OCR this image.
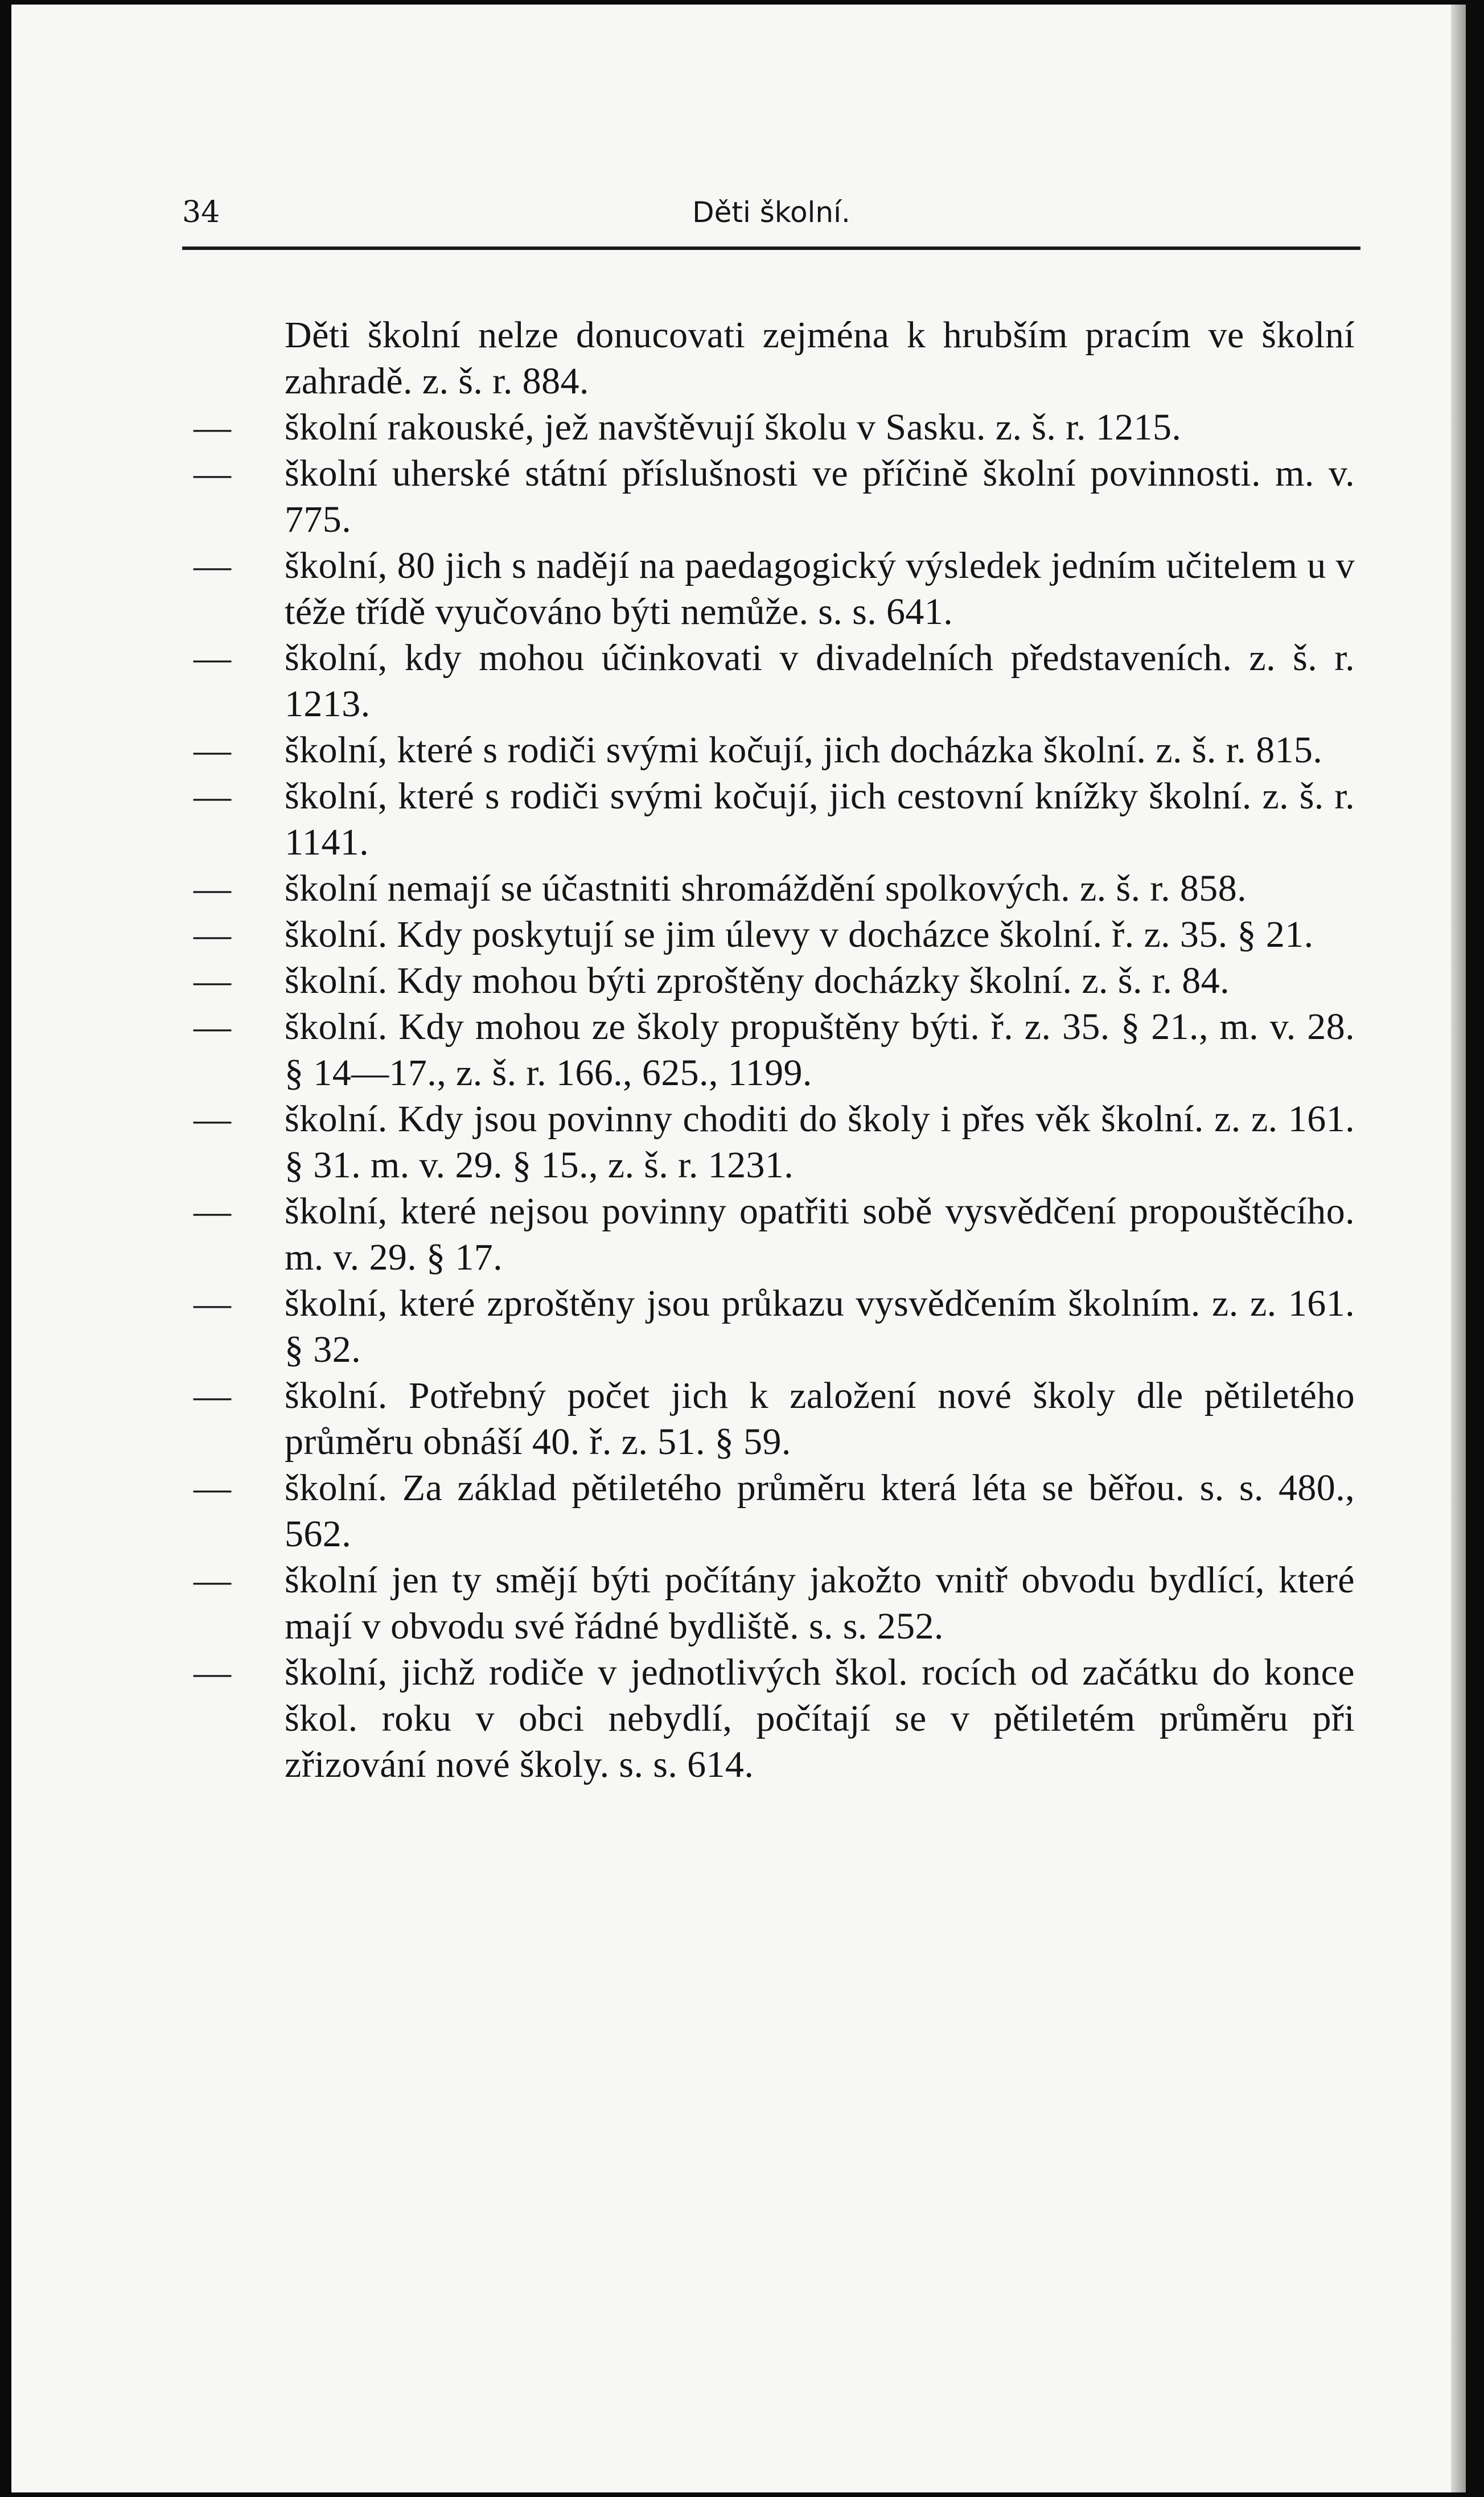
34	Děti školní.
Děti školní nelze donucovati zejména k hrubším pracím ve školní zahradě. z. š. r. 884.
— školní rakouské, jež navštěvují školu v Sasku. z. š. r. 1215.
— školní uherské státní příslušnosti ve příčině školní povinnosti. m. v. 775.
— školní, 80 jich s nadějí na paedagogický výsledek jedním učitelem u v téže třídě vyučováno býti nemůže. s. s. 641.
— školní, kdy mohou účinkovati v divadelních představeních. z. š. r. 1213.
— školní, které s rodiči svými kočují, jich docházka školní. z. š. r. 815.
— školní, které s rodiči svými kočují, jich cestovní knížky školní. z. š. r. 1141.
— školní nemají se účastniti shromáždění spolkových. z. š. r. 858.
— školní. Kdy poskytují se jim úlevy v docházce školní. ř. z. 35. § 21.
— školní. Kdy mohou býti zproštěny docházky školní. z. š. r. 84.
— školní. Kdy mohou ze školy propuštěny býti. ř. z. 35. § 21., m. v. 28. § 14—17., z. š. r. 166., 625., 1199.
— školní. Kdy jsou povinny choditi do školy i přes věk školní. z. z. 161. § 31. m. v. 29. § 15., z. š. r. 1231.
— školní, které nejsou povinny opatřiti sobě vysvědčení propouštěcího. m. v. 29. § 17.
— školní, které zproštěny jsou průkazu vysvědčením školním. z. z. 161. § 32.
— školní. Potřebný počet jich k založení nové školy dle pětiletého průměru obnáší 40. ř. z. 51. § 59.
— školní. Za základ pětiletého průměru která léta se běřou. s. s. 480., 562.
— školní jen ty smějí býti počítány jakožto vnitř obvodu bydlící, které mají v obvodu své řádné bydliště. s. s. 252.
— školní, jichž rodiče v jednotlivých škol. rocích od začátku do konce škol. roku v obci nebydlí, počítají se v pětiletém průměru při zřizování nové školy. s. s. 614.
